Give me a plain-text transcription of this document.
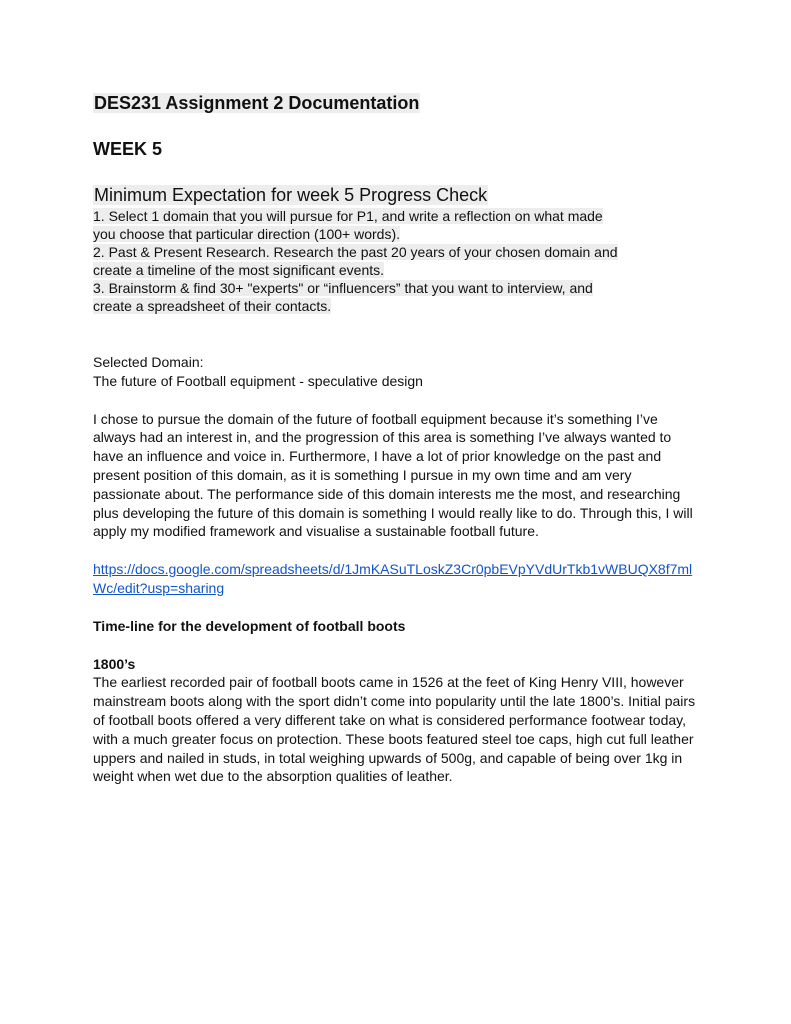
DES231 Assignment 2 Documentation
WEEK 5
Minimum Expectation for week 5 Progress Check
1. Select 1 domain that you will pursue for P1, and write a reflection on what made
you choose that particular direction (100+ words).
2. Past & Present Research. Research the past 20 years of your chosen domain and
create a timeline of the most significant events.
3. Brainstorm & find 30+ "experts" or “influencers” that you want to interview, and
create a spreadsheet of their contacts.

Selected Domain:

The future of Football equipment - speculative design

I chose to pursue the domain of the future of football equipment because it’s something I’ve always had an interest in, and the progression of this area is something I’ve always wanted to have an influence and voice in. Furthermore, I have a lot of prior knowledge on the past and present position of this domain, as it is something I pursue in my own time and am very passionate about. The performance side of this domain interests me the most, and researching plus developing the future of this domain is something I would really like to do. Through this, I will apply my modified framework and visualise a sustainable football future.

https://docs.google.com/spreadsheets/d/1JmKASuTLoskZ3Cr0pbEVpYVdUrTkb1vWBUQX8f7mlWc/edit?usp=sharing

Time-line for the development of football boots

1800’s

The earliest recorded pair of football boots came in 1526 at the feet of King Henry VIII, however mainstream boots along with the sport didn’t come into popularity until the late 1800’s. Initial pairs of football boots offered a very different take on what is considered performance footwear today, with a much greater focus on protection. These boots featured steel toe caps, high cut full leather uppers and nailed in studs, in total weighing upwards of 500g, and capable of being over 1kg in weight when wet due to the absorption qualities of leather.
